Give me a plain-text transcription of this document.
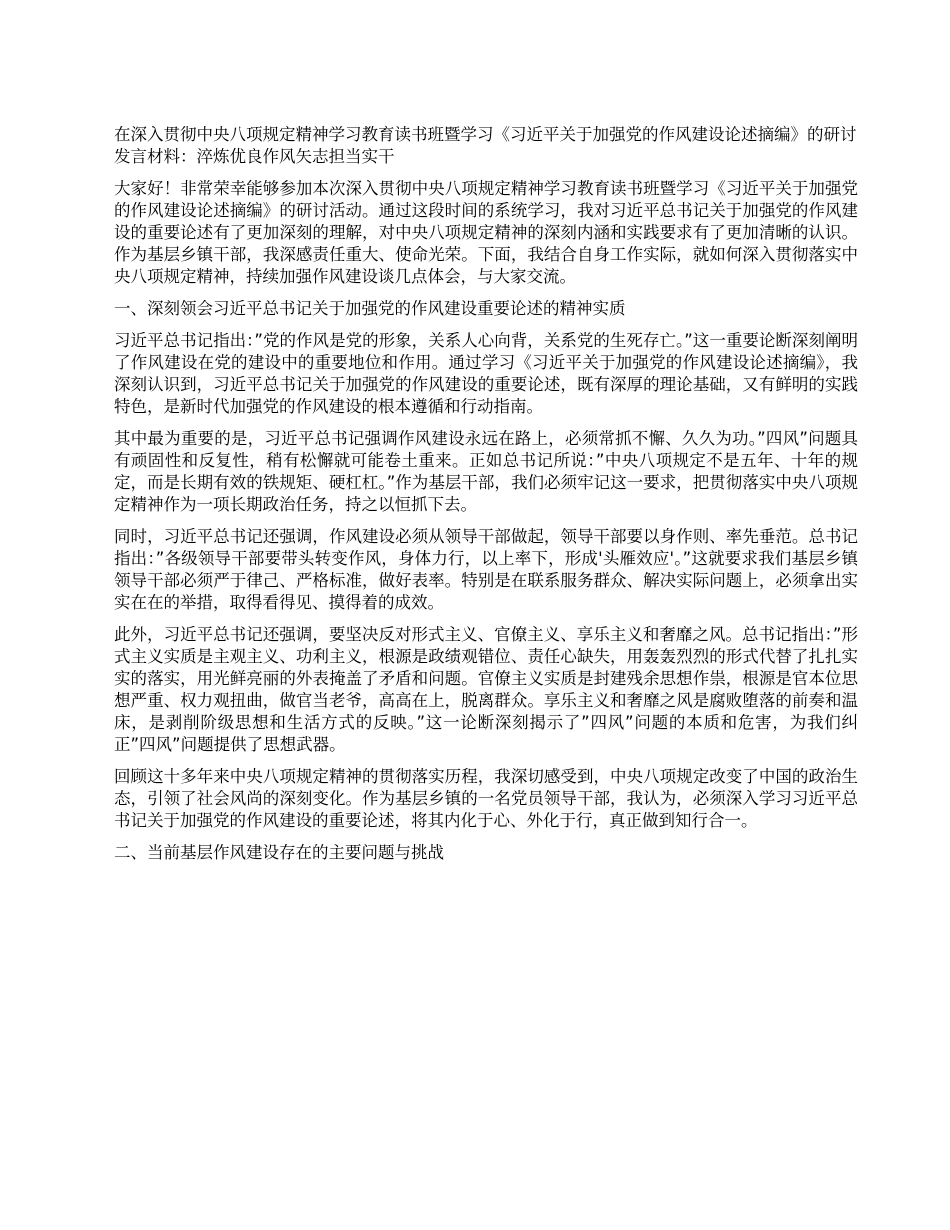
在深入贯彻中央八项规定精神学习教育读书班暨学习《习近平关于加强党的作风建设论述摘编》的研讨发言材料：淬炼优良作风矢志担当实干

大家好！非常荣幸能够参加本次深入贯彻中央八项规定精神学习教育读书班暨学习《习近平关于加强党的作风建设论述摘编》的研讨活动。通过这段时间的系统学习，我对习近平总书记关于加强党的作风建设的重要论述有了更加深刻的理解，对中央八项规定精神的深刻内涵和实践要求有了更加清晰的认识。作为基层乡镇干部，我深感责任重大、使命光荣。下面，我结合自身工作实际，就如何深入贯彻落实中央八项规定精神，持续加强作风建设谈几点体会，与大家交流。

一、深刻领会习近平总书记关于加强党的作风建设重要论述的精神实质

习近平总书记指出：”党的作风是党的形象，关系人心向背，关系党的生死存亡。”这一重要论断深刻阐明了作风建设在党的建设中的重要地位和作用。通过学习《习近平关于加强党的作风建设论述摘编》，我深刻认识到，习近平总书记关于加强党的作风建设的重要论述，既有深厚的理论基础，又有鲜明的实践特色，是新时代加强党的作风建设的根本遵循和行动指南。

其中最为重要的是，习近平总书记强调作风建设永远在路上，必须常抓不懈、久久为功。”四风”问题具有顽固性和反复性，稍有松懈就可能卷土重来。正如总书记所说：”中央八项规定不是五年、十年的规定，而是长期有效的铁规矩、硬杠杠。”作为基层干部，我们必须牢记这一要求，把贯彻落实中央八项规定精神作为一项长期政治任务，持之以恒抓下去。

同时，习近平总书记还强调，作风建设必须从领导干部做起，领导干部要以身作则、率先垂范。总书记指出：”各级领导干部要带头转变作风，身体力行，以上率下，形成'头雁效应'。”这就要求我们基层乡镇领导干部必须严于律己、严格标准，做好表率。特别是在联系服务群众、解决实际问题上，必须拿出实实在在的举措，取得看得见、摸得着的成效。

此外，习近平总书记还强调，要坚决反对形式主义、官僚主义、享乐主义和奢靡之风。总书记指出：”形式主义实质是主观主义、功利主义，根源是政绩观错位、责任心缺失，用轰轰烈烈的形式代替了扎扎实实的落实，用光鲜亮丽的外表掩盖了矛盾和问题。官僚主义实质是封建残余思想作祟，根源是官本位思想严重、权力观扭曲，做官当老爷，高高在上，脱离群众。享乐主义和奢靡之风是腐败堕落的前奏和温床，是剥削阶级思想和生活方式的反映。”这一论断深刻揭示了”四风”问题的本质和危害，为我们纠正”四风”问题提供了思想武器。

回顾这十多年来中央八项规定精神的贯彻落实历程，我深切感受到，中央八项规定改变了中国的政治生态，引领了社会风尚的深刻变化。作为基层乡镇的一名党员领导干部，我认为，必须深入学习习近平总书记关于加强党的作风建设的重要论述，将其内化于心、外化于行，真正做到知行合一。

二、当前基层作风建设存在的主要问题与挑战
